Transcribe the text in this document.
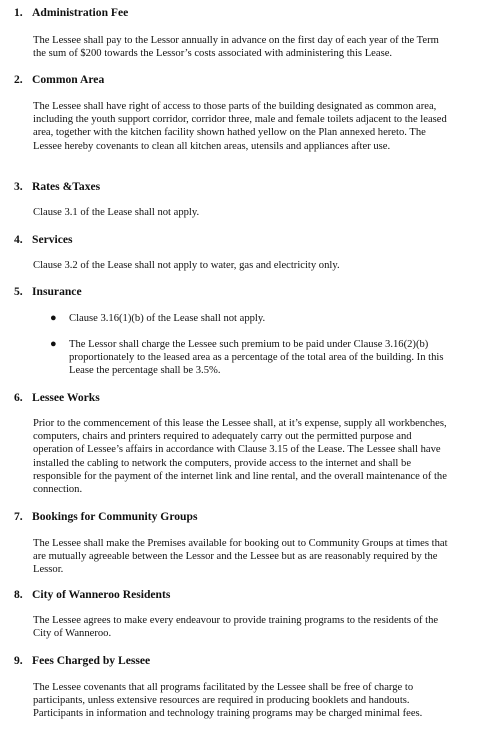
1. Administration Fee
The Lessee shall pay to the Lessor annually in advance on the first day of each year of the Term the sum of $200 towards the Lessor’s costs associated with administering this Lease.
2. Common Area
The Lessee shall have right of access to those parts of the building designated as common area, including the youth support corridor, corridor three, male and female toilets adjacent to the leased area, together with the kitchen facility shown hathed yellow on the Plan annexed hereto. The Lessee hereby covenants to clean all kitchen areas, utensils and appliances after use.
3. Rates &Taxes
Clause 3.1 of the Lease shall not apply.
4. Services
Clause 3.2 of the Lease shall not apply to water, gas and electricity only.
5. Insurance
●	Clause 3.16(1)(b) of the Lease shall not apply.
●	The Lessor shall charge the Lessee such premium to be paid under Clause 3.16(2)(b) proportionately to the leased area as a percentage of the total area of the building. In this Lease the percentage shall be 3.5%.
6. Lessee Works
Prior to the commencement of this lease the Lessee shall, at it’s expense, supply all workbenches, computers, chairs and printers required to adequately carry out the permitted purpose and operation of Lessee’s affairs in accordance with Clause 3.15 of the Lease. The Lessee shall have installed the cabling to network the computers, provide access to the internet and shall be responsible for the payment of the internet link and line rental, and the overall maintenance of the connection.
7. Bookings for Community Groups
The Lessee shall make the Premises available for booking out to Community Groups at times that are mutually agreeable between the Lessor and the Lessee but as are reasonably required by the Lessor.
8. City of Wanneroo Residents
The Lessee agrees to make every endeavour to provide training programs to the residents of the City of Wanneroo.
9. Fees Charged by Lessee
The Lessee covenants that all programs facilitated by the Lessee shall be free of charge to participants, unless extensive resources are required in producing booklets and handouts. Participants in information and technology training programs may be charged minimal fees.
